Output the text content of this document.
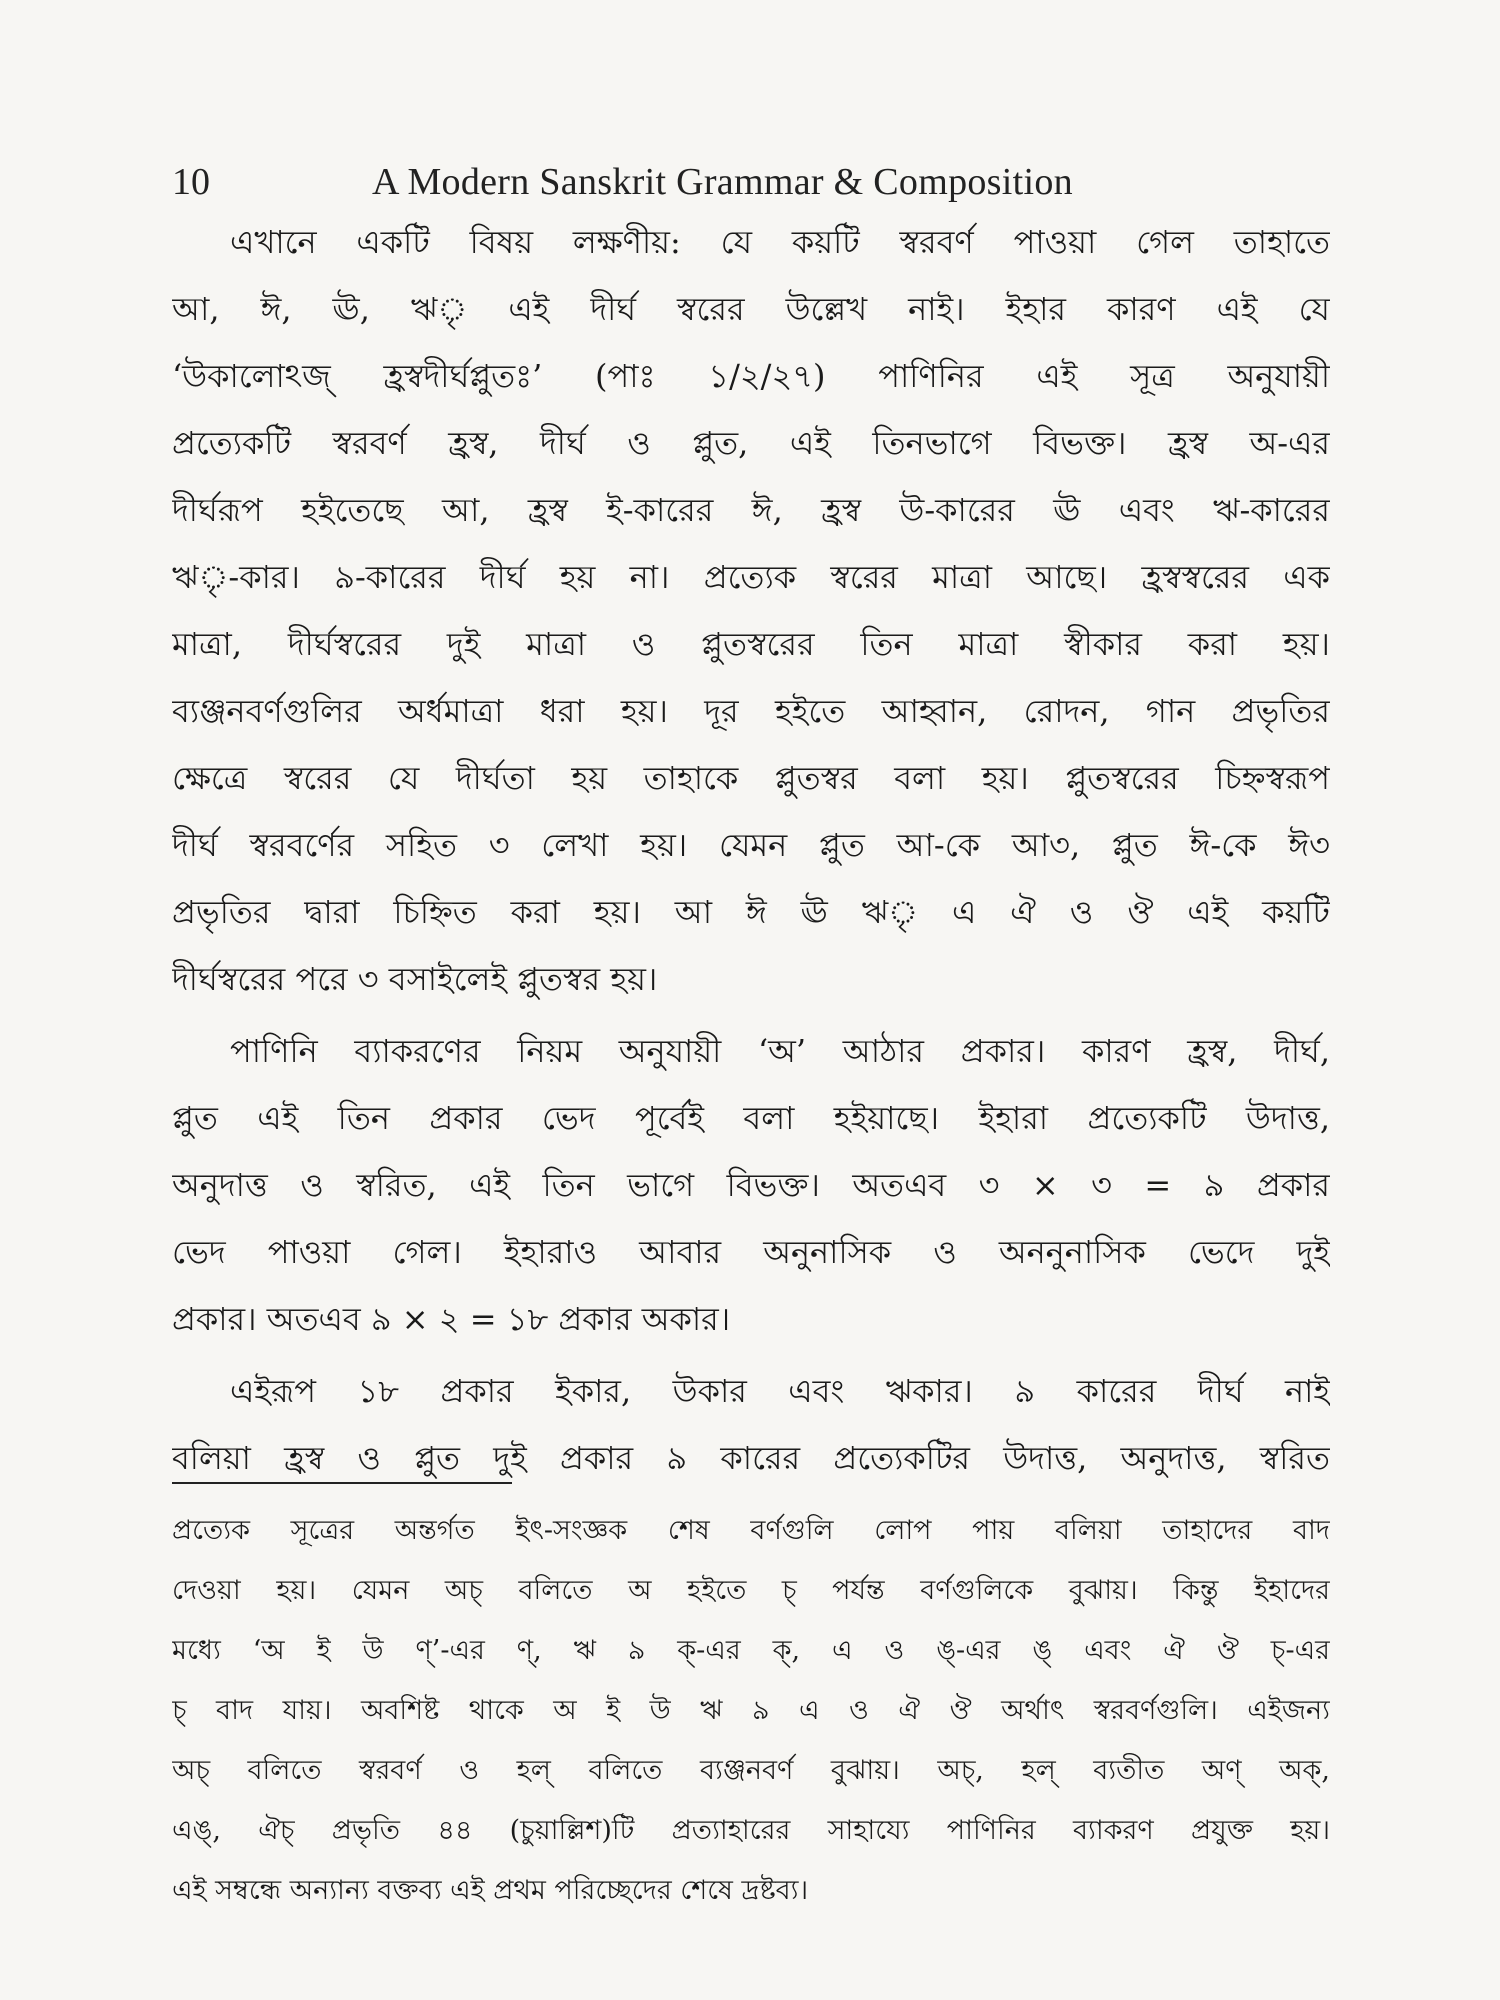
10	A Modern Sanskrit Grammar & Composition
এখানে একটি বিষয় লক্ষণীয়: যে কয়টি স্বরবর্ণ পাওয়া গেল তাহাতে
আ, ঈ, ঊ, ঋৃ এই দীর্ঘ স্বরের উল্লেখ নাই। ইহার কারণ এই যে
‘উকালোঽজ্ হ্রস্বদীর্ঘপ্লুতঃ’ (পাঃ ১/২/২৭) পাণিনির এই সূত্র অনুযায়ী
প্রত্যেকটি স্বরবর্ণ হ্রস্ব, দীর্ঘ ও প্লুত, এই তিনভাগে বিভক্ত। হ্রস্ব অ-এর
দীর্ঘরূপ হইতেছে আ, হ্রস্ব ই-কারের ঈ, হ্রস্ব উ-কারের ঊ এবং ঋ-কারের
ঋৃ-কার। ৯-কারের দীর্ঘ হয় না। প্রত্যেক স্বরের মাত্রা আছে। হ্রস্বস্বরের এক
মাত্রা, দীর্ঘস্বরের দুই মাত্রা ও প্লুতস্বরের তিন মাত্রা স্বীকার করা হয়।
ব্যঞ্জনবর্ণগুলির অর্ধমাত্রা ধরা হয়। দূর হইতে আহ্বান, রোদন, গান প্রভৃতির
ক্ষেত্রে স্বরের যে দীর্ঘতা হয় তাহাকে প্লুতস্বর বলা হয়। প্লুতস্বরের চিহ্নস্বরূপ
দীর্ঘ স্বরবর্ণের সহিত ৩ লেখা হয়। যেমন প্লুত আ-কে আ৩, প্লুত ঈ-কে ঈ৩
প্রভৃতির দ্বারা চিহ্নিত করা হয়। আ ঈ ঊ ঋৃ এ ঐ ও ঔ এই কয়টি
দীর্ঘস্বরের পরে ৩ বসাইলেই প্লুতস্বর হয়।
পাণিনি ব্যাকরণের নিয়ম অনুযায়ী ‘অ’ আঠার প্রকার। কারণ হ্রস্ব, দীর্ঘ,
প্লুত এই তিন প্রকার ভেদ পূর্বেই বলা হইয়াছে। ইহারা প্রত্যেকটি উদাত্ত,
অনুদাত্ত ও স্বরিত, এই তিন ভাগে বিভক্ত। অতএব ৩ × ৩ = ৯ প্রকার
ভেদ পাওয়া গেল। ইহারাও আবার অনুনাসিক ও অননুনাসিক ভেদে দুই
প্রকার। অতএব ৯ × ২ = ১৮ প্রকার অকার।
এইরূপ ১৮ প্রকার ইকার, উকার এবং ঋকার। ৯ কারের দীর্ঘ নাই
বলিয়া হ্রস্ব ও প্লুত দুই প্রকার ৯ কারের প্রত্যেকটির উদাত্ত, অনুদাত্ত, স্বরিত
প্রত্যেক সূত্রের অন্তর্গত ইৎ-সংজ্ঞক শেষ বর্ণগুলি লোপ পায় বলিয়া তাহাদের বাদ
দেওয়া হয়। যেমন অচ্ বলিতে অ হইতে চ্ পর্যন্ত বর্ণগুলিকে বুঝায়। কিন্তু ইহাদের
মধ্যে ‘অ ই উ ণ্’-এর ণ্, ঋ ৯ ক্-এর ক্, এ ও ঙ্-এর ঙ্ এবং ঐ ঔ চ্-এর
চ্ বাদ যায়। অবশিষ্ট থাকে অ ই উ ঋ ৯ এ ও ঐ ঔ অর্থাৎ স্বরবর্ণগুলি। এইজন্য
অচ্ বলিতে স্বরবর্ণ ও হল্ বলিতে ব্যঞ্জনবর্ণ বুঝায়। অচ্, হল্ ব্যতীত অণ্ অক্,
এঙ্, ঐচ্ প্রভৃতি ৪৪ (চুয়াল্লিশ)টি প্রত্যাহারের সাহায্যে পাণিনির ব্যাকরণ প্রযুক্ত হয়।
এই সম্বন্ধে অন্যান্য বক্তব্য এই প্রথম পরিচ্ছেদের শেষে দ্রষ্টব্য।
